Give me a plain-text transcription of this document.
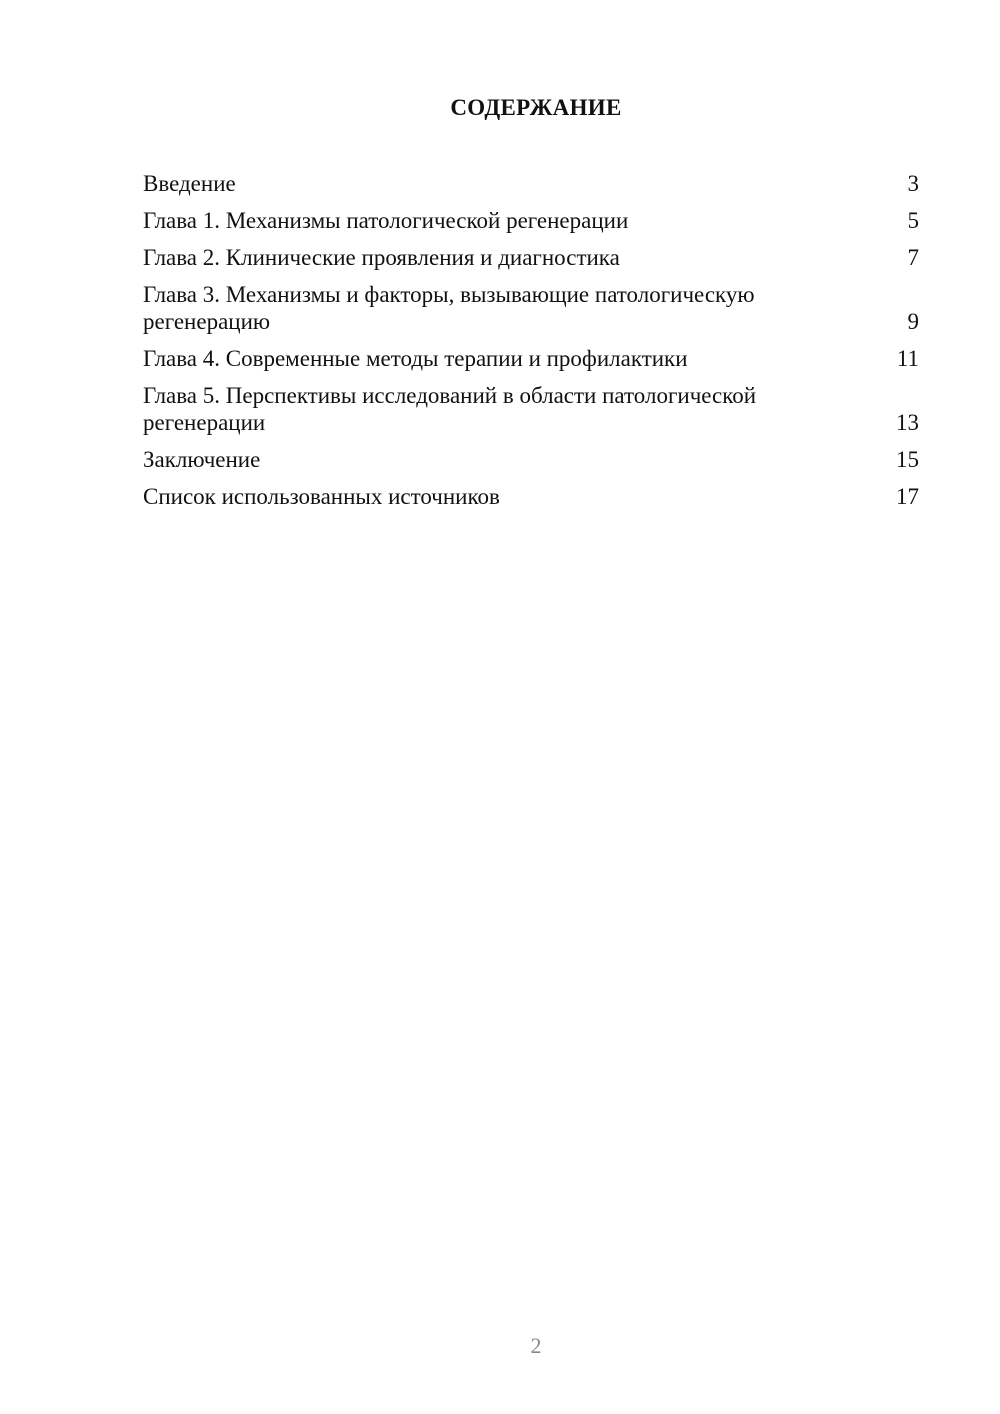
СОДЕРЖАНИЕ
Введение	3
Глава 1. Механизмы патологической регенерации	5
Глава 2. Клинические проявления и диагностика	7
Глава 3. Механизмы и факторы, вызывающие патологическую регенерацию	9
Глава 4. Современные методы терапии и профилактики	11
Глава 5. Перспективы исследований в области патологической регенерации	13
Заключение	15
Список использованных источников	17
2
